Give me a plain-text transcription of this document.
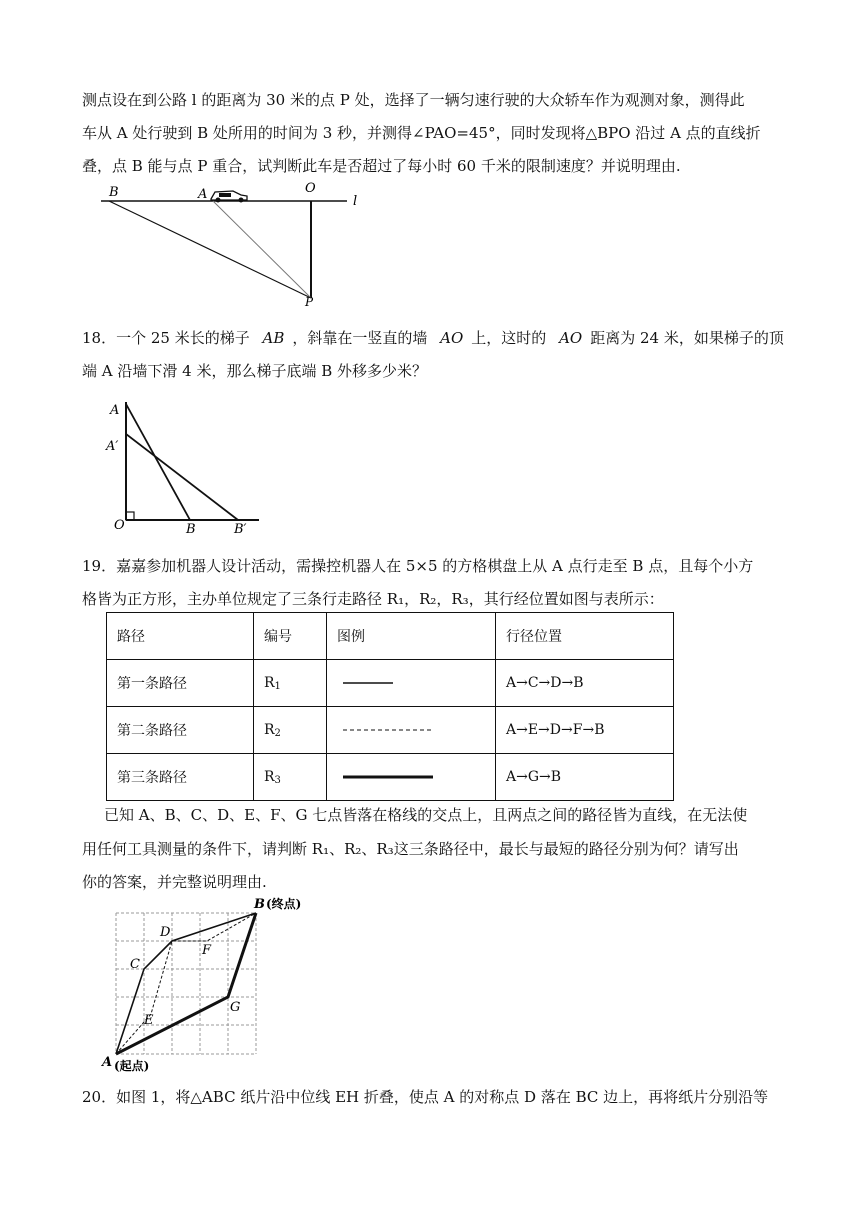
测点设在到公路 l 的距离为 30 米的点 P 处，选择了一辆匀速行驶的大众轿车作为观测对象，测得此
车从 A 处行驶到 B 处所用的时间为 3 秒，并测得∠PAO=45°，同时发现将△BPO 沿过 A 点的直线折
叠，点 B 能与点 P 重合，试判断此车是否超过了每小时 60 千米的限制速度？并说明理由.
B	A	O
l
P
18．一个 25 米长的梯子 AB ，斜靠在一竖直的墙 AO 上，这时的 AO 距离为 24 米，如果梯子的顶
端 A 沿墙下滑 4 米，那么梯子底端 B 外移多少米？
A
A′
O	B	B′
19．嘉嘉参加机器人设计活动，需操控机器人在 5×5 的方格棋盘上从 A 点行走至 B 点，且每个小方
格皆为正方形，主办单位规定了三条行走路径 R₁，R₂，R₃，其行经位置如图与表所示：
路径	编号	图例	行径位置
第一条路径	$R_1$		A→C→D→B
第二条路径	$R_2$		A→E→D→F→B
第三条路径	$R_3$		A→G→B
已知 A、B、C、D、E、F、G 七点皆落在格线的交点上，且两点之间的路径皆为直线，在无法使
用任何工具测量的条件下，请判断 R₁、R₂、R₃这三条路径中，最长与最短的路径分别为何？请写出
你的答案，并完整说明理由.
B (终点)
D
F
C
G
E
A (起点)
20．如图 1，将△ABC 纸片沿中位线 EH 折叠，使点 A 的对称点 D 落在 BC 边上，再将纸片分别沿等
